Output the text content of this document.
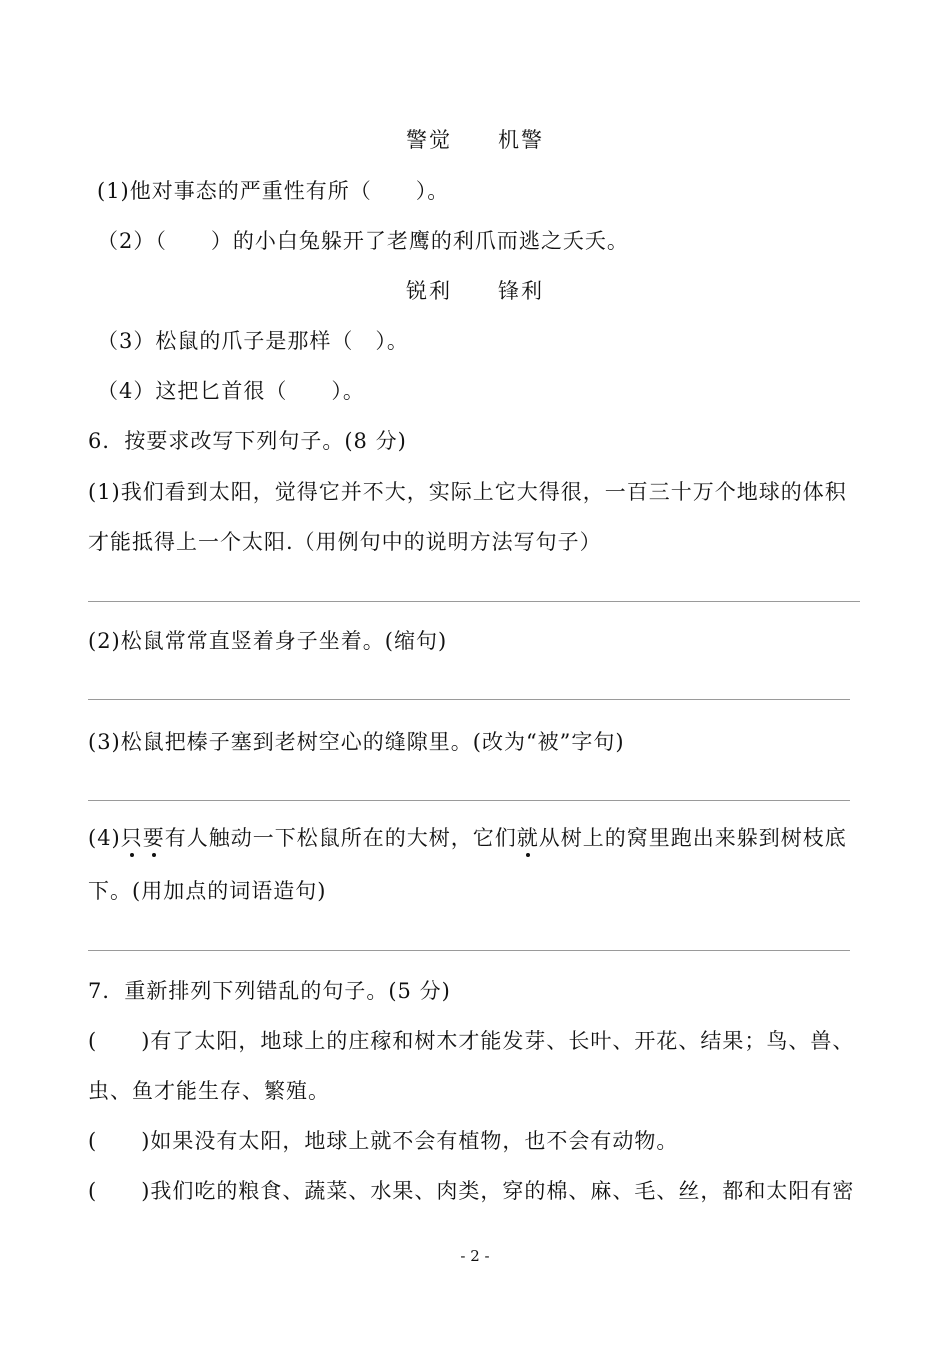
警觉 机警
(1)他对事态的严重性有所（　　）。
（2）（　　）的小白兔躲开了老鹰的利爪而逃之夭夭。
锐利 锋利
（3）松鼠的爪子是那样（　）。
（4）这把匕首很（　　）。
6．按要求改写下列句子。(8 分)
(1)我们看到太阳，觉得它并不大，实际上它大得很，一百三十万个地球的体积
才能抵得上一个太阳.（用例句中的说明方法写句子）
(2)松鼠常常直竖着身子坐着。(缩句)
(3)松鼠把榛子塞到老树空心的缝隙里。(改为“被”字句)
(4)只要有人触动一下松鼠所在的大树，它们就从树上的窝里跑出来躲到树枝底
下。(用加点的词语造句)
7．重新排列下列错乱的句子。(5 分)
(　　)有了太阳，地球上的庄稼和树木才能发芽、长叶、开花、结果；鸟、兽、
虫、鱼才能生存、繁殖。
(　　)如果没有太阳，地球上就不会有植物，也不会有动物。
(　　)我们吃的粮食、蔬菜、水果、肉类，穿的棉、麻、毛、丝，都和太阳有密
- 2 -
